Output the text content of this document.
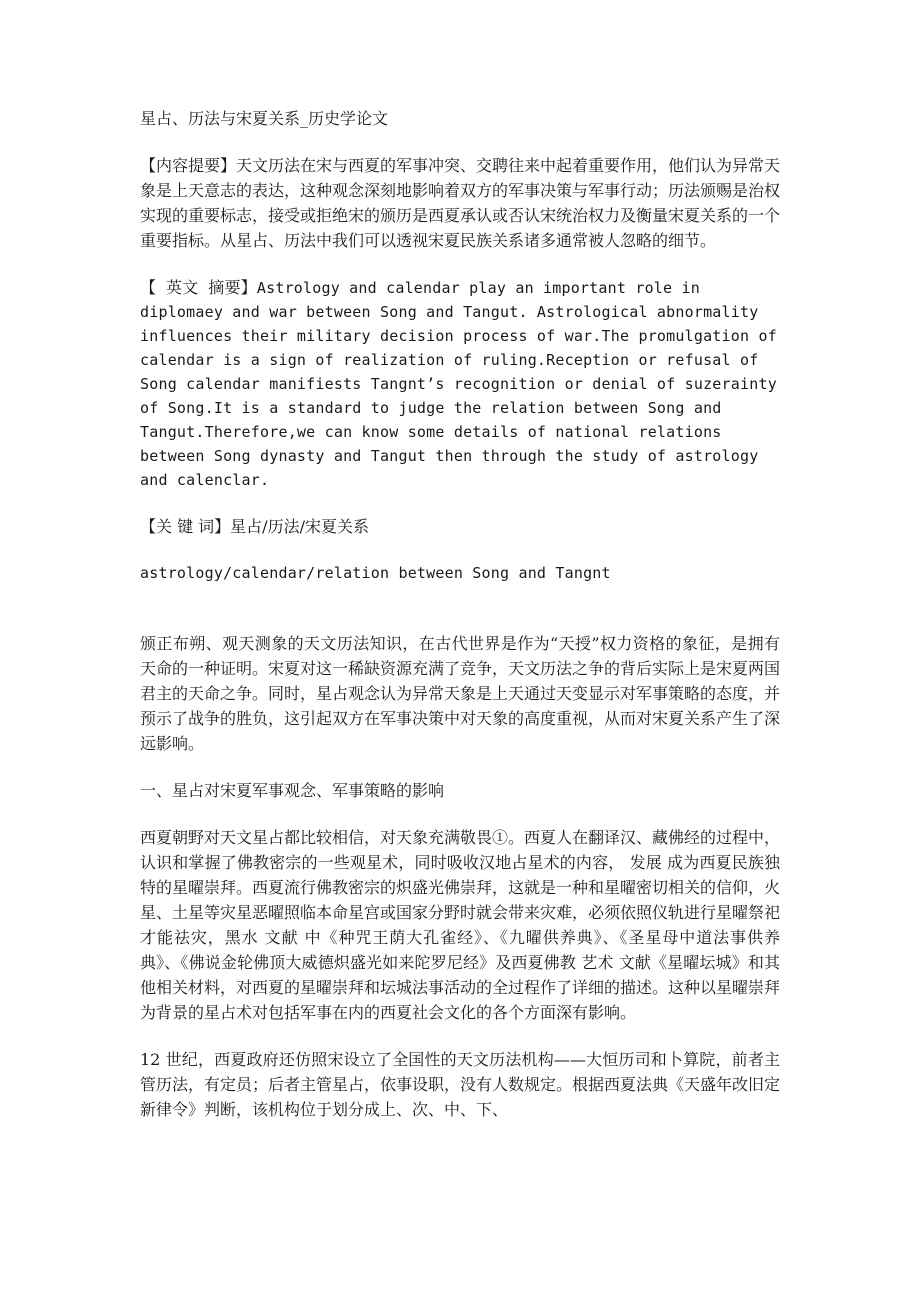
星占、历法与宋夏关系_历史学论文

【内容提要】天文历法在宋与西夏的军事冲突、交聘往来中起着重要作用，他们认为异常天象是上天意志的表达，这种观念深刻地影响着双方的军事决策与军事行动；历法颁赐是治权实现的重要标志，接受或拒绝宋的颁历是西夏承认或否认宋统治权力及衡量宋夏关系的一个重要指标。从星占、历法中我们可以透视宋夏民族关系诸多通常被人忽略的细节。

【 英文 摘要】Astrology and calendar play an important role in diplomaey and war between Song and Tangut. Astrological abnormality influences their military decision process of war.The promulgation of calendar is a sign of realization of ruling.Reception or refusal of Song calendar manifiests Tangnt’s recognition or denial of suzerainty of Song.It is a standard to judge the relation between Song and Tangut.Therefore,we can know some details of national relations between Song dynasty and Tangut then through the study of astrology and calenclar.

【关 键 词】星占/历法/宋夏关系

astrology/calendar/relation between Song and Tangnt

颁正布朔、观天测象的天文历法知识，在古代世界是作为“天授”权力资格的象征，是拥有天命的一种证明。宋夏对这一稀缺资源充满了竞争，天文历法之争的背后实际上是宋夏两国君主的天命之争。同时，星占观念认为异常天象是上天通过天变显示对军事策略的态度，并预示了战争的胜负，这引起双方在军事决策中对天象的高度重视，从而对宋夏关系产生了深远影响。

一、星占对宋夏军事观念、军事策略的影响

西夏朝野对天文星占都比较相信，对天象充满敬畏①。西夏人在翻译汉、藏佛经的过程中，认识和掌握了佛教密宗的一些观星术，同时吸收汉地占星术的内容， 发展 成为西夏民族独特的星曜崇拜。西夏流行佛教密宗的炽盛光佛崇拜，这就是一种和星曜密切相关的信仰，火星、土星等灾星恶曜照临本命星宫或国家分野时就会带来灾难，必须依照仪轨进行星曜祭祀才能祛灾，黑水 文献 中《种咒王荫大孔雀经》、《九曜供养典》、《圣星母中道法事供养典》、《佛说金轮佛顶大威德炽盛光如来陀罗尼经》及西夏佛教 艺术 文献《星曜坛城》和其他相关材料，对西夏的星曜崇拜和坛城法事活动的全过程作了详细的描述。这种以星曜崇拜为背景的星占术对包括军事在内的西夏社会文化的各个方面深有影响。

12 世纪，西夏政府还仿照宋设立了全国性的天文历法机构——大恒历司和卜算院，前者主管历法，有定员；后者主管星占，依事设职，没有人数规定。根据西夏法典《天盛年改旧定新律令》判断，该机构位于划分成上、次、中、下、
